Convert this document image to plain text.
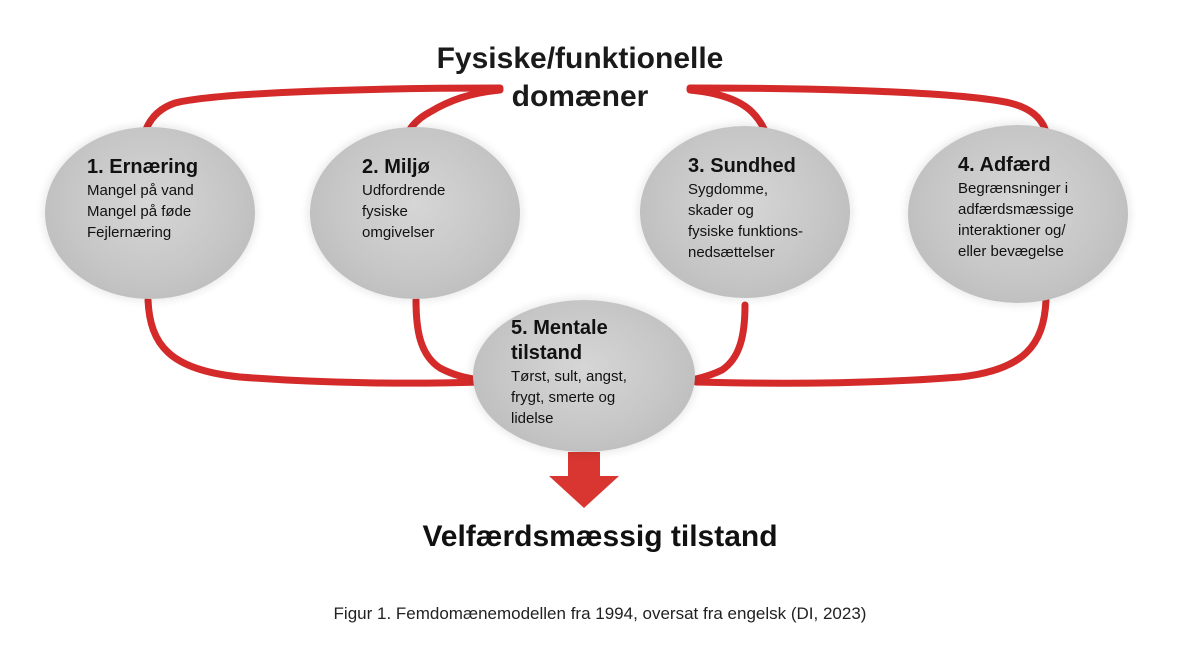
Fysiske/funktionelle
domæner
1. Ernæring
Mangel på vand
Mangel på føde
Fejlernæring
2. Miljø
Udfordrende
fysiske
omgivelser
3. Sundhed
Sygdomme,
skader og
fysiske funktions-
nedsættelser
4. Adfærd
Begrænsninger i
adfærdsmæssige
interaktioner og/
eller bevægelse
5. Mentale
tilstand
Tørst, sult, angst,
frygt, smerte og
lidelse
Velfærdsmæssig tilstand
Figur 1. Femdomænemodellen fra 1994, oversat fra engelsk (DI, 2023)
